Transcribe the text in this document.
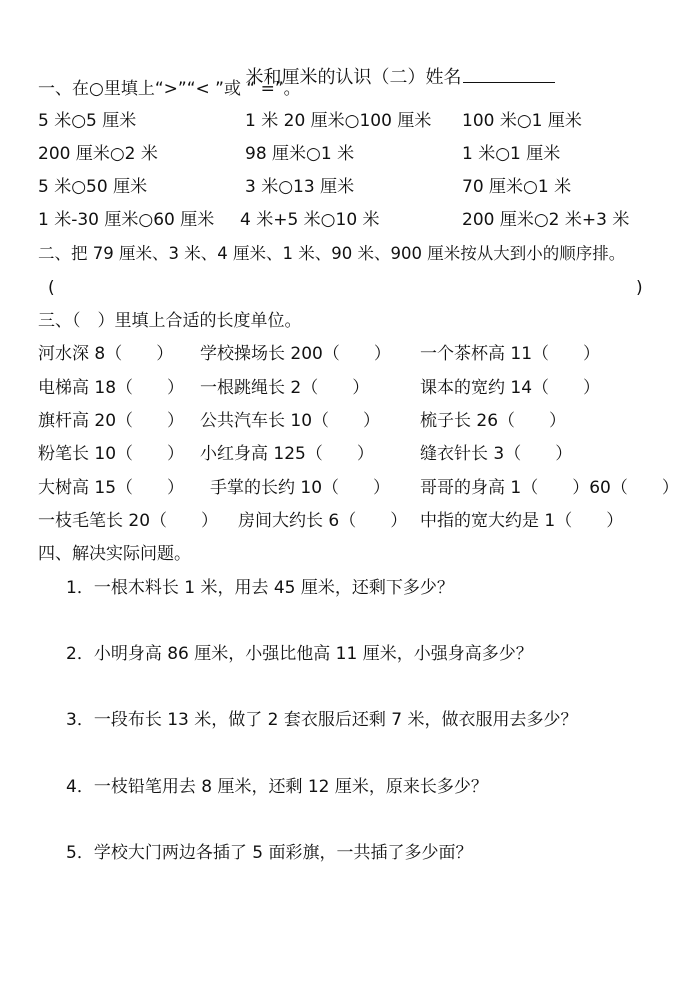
米和厘米的认识（二）姓名

一、在○里填上“>”“< ”或 “ =”。
5 米○5 厘米	1 米 20 厘米○100 厘米 100 米○1 厘米
200 厘米○2 米	98 厘米○1 米	1 米○1 厘米
5 米○50 厘米	3 米○13 厘米	70 厘米○1 米
1 米-30 厘米○60 厘米 4 米+5 米○10 米	200 厘米○2 米+3 米
二、把 79 厘米、3 米、4 厘米、1 米、90 米、900 厘米按从大到小的顺序排。
(	)
三、（　）里填上合适的长度单位。
河水深 8（　　） 学校操场长 200（　　） 一个茶杯高 11（　　）
电梯高 18（　　） 一根跳绳长 2（　　）	课本的宽约 14（　　）
旗杆高 20（　　） 公共汽车长 10（　　） 梳子长 26（　　）
粉笔长 10（　　） 小红身高 125（　　）	缝衣针长 3（　　）
大树高 15（　　） 手掌的长约 10（　　） 哥哥的身高 1（　　）60（　　）
一枝毛笔长 20（　　） 房间大约长 6（　　） 中指的宽大约是 1（　　）
四、解决实际问题。
1．一根木料长 1 米，用去 45 厘米，还剩下多少？
2．小明身高 86 厘米，小强比他高 11 厘米，小强身高多少？
3．一段布长 13 米，做了 2 套衣服后还剩 7 米，做衣服用去多少？
4．一枝铅笔用去 8 厘米，还剩 12 厘米，原来长多少？
5．学校大门两边各插了 5 面彩旗，一共插了多少面？
